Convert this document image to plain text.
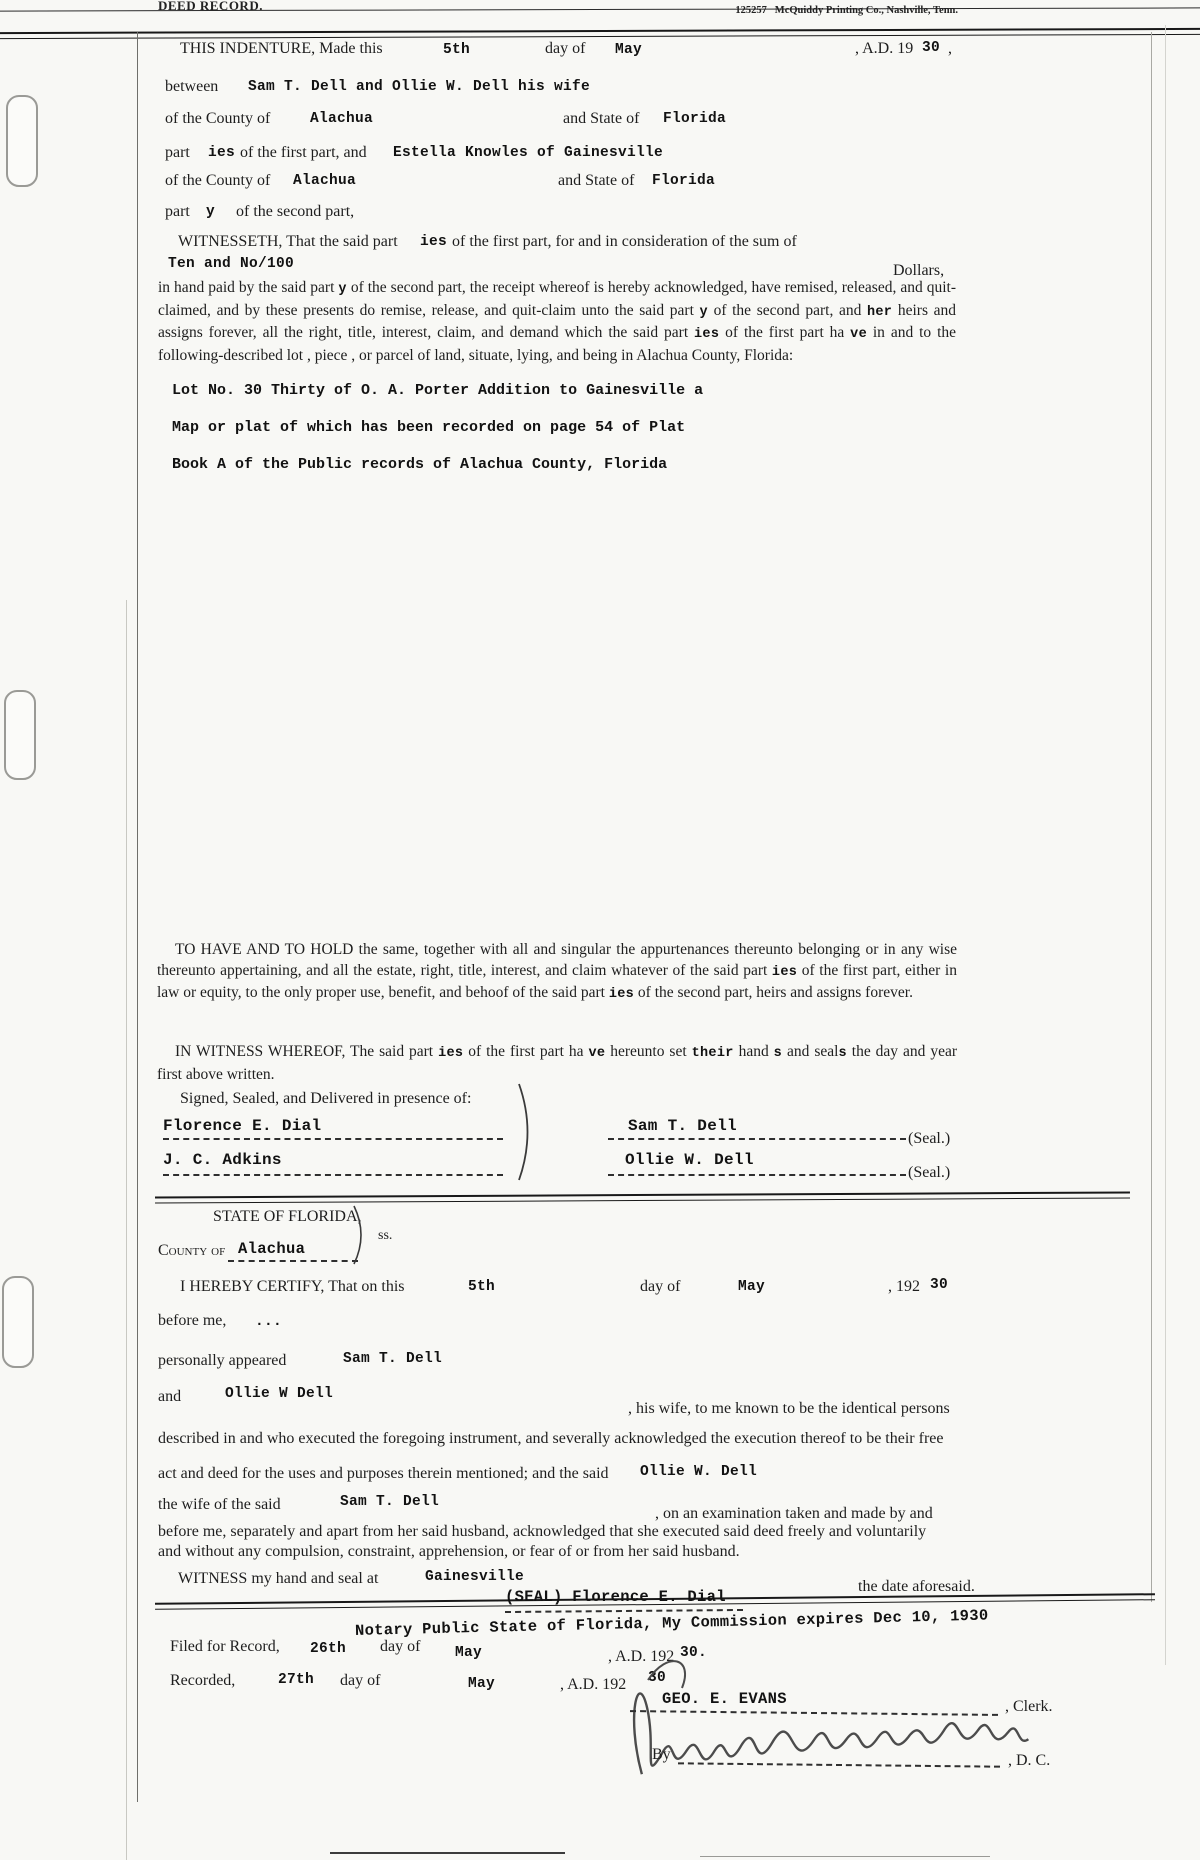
DEED RECORD.	125257 McQuiddy Printing Co., Nashville, Tenn.
THIS INDENTURE, Made this	5th	day of May	, A.D. 19 30 ,
between Sam T. Dell and Ollie W. Dell his wife
of the County of	Alachua	and State of Florida
part ies of the first part, and Estella Knowles of Gainesville
of the County of Alachua	and State of Florida
part y of the second part,
WITNESSETH, That the said part ies of the first part, for and in consideration of the sum of
Ten and No/100	Dollars,
in hand paid by the said part y of the second part, the receipt whereof is hereby acknowledged, have remised, released, and quit-claimed, and by these presents do remise, release, and quit-claim unto the said part y of the second part, and her heirs and assigns forever, all the right, title, interest, claim, and demand which the said part ies of the first part ha ve in and to the following-described lot , piece , or parcel of land, situate, lying, and being in Alachua County, Florida:
Lot No. 30 Thirty of O. A. Porter Addition to Gainesville a
Map or plat of which has been recorded on page 54 of Plat
Book A of the Public records of Alachua County, Florida
TO HAVE AND TO HOLD the same, together with all and singular the appurtenances thereunto belonging or in any wise thereunto appertaining, and all the estate, right, title, interest, and claim whatever of the said part ies of the first part, either in law or equity, to the only proper use, benefit, and behoof of the said part ies of the second part, heirs and assigns forever.
IN WITNESS WHEREOF, The said part ies of the first part ha ve hereunto set their hand s and seals the day and year first above written.
Signed, Sealed, and Delivered in presence of:
Florence E. Dial
J. C. Adkins
Sam T. Dell
(Seal.)
Ollie W. Dell
(Seal.)
STATE OF FLORIDA,
County of Alachua
ss.
I HEREBY CERTIFY, That on this	5th	day of	May	, 192 30
before me, ...
personally appeared	Sam T. Dell
and	Ollie W Dell
, his wife, to me known to be the identical persons
described in and who executed the foregoing instrument, and severally acknowledged the execution thereof to be their free
act and deed for the uses and purposes therein mentioned; and the said Ollie W. Dell
the wife of the said	Sam T. Dell
, on an examination taken and made by and
before me, separately and apart from her said husband, acknowledged that she executed said deed freely and voluntarily
and without any compulsion, constraint, apprehension, or fear of or from her said husband.
WITNESS my hand and seal at	Gainesville
the date aforesaid.
(SEAL) Florence E. Dial
Notary Public State of Florida, My Commission expires Dec 10, 1930
Filed for Record, 26th day of May	, A.D. 192 30.
Recorded,	27th day of	May	, A.D. 192 30
GEO. E. EVANS	, Clerk.
By	, D. C.
